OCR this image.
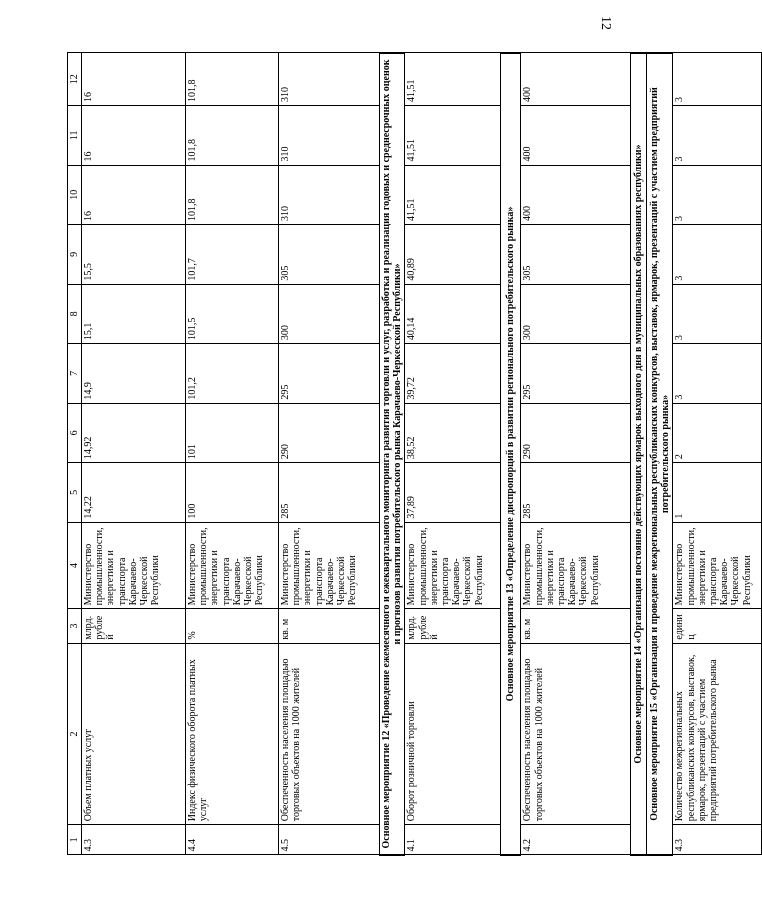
12
1	2	3	4	5	6	7	8	9	10	11	12
4.3	Объем платных услуг	млрд. рублей	Министерство промышленности, энергетики и транспорта Карачаево-Черкесской Республики	14,22	14,92	14,9	15,1	15,5	16	16	16
4.4	Индекс физического оборота платных услуг	%	Министерство промышленности, энергетики и транспорта Карачаево-Черкесской Республики	100	101	101,2	101,5	101,7	101,8	101,8	101,8
4.5	Обеспеченность населения площадью торговых объектов на 1000 жителей	кв. м	Министерство промышленности, энергетики и транспорта Карачаево-Черкесской Республики	285	290	295	300	305	310	310	310
Основное мероприятие 12 «Проведение ежемесячного и ежеквартального мониторинга развития торговли и услуг, разработка и реализация годовых и среднесрочных оценок и прогнозов развития потребительского рынка Карачаево-Черкесской Республики»											
4.1	Оборот розничной торговли	млрд. рублей	Министерство промышленности, энергетики и транспорта Карачаево-Черкесской Республики	37,89	38,52	39,72	40,14	40,89	41,51	41,51	41,51
Основное мероприятие 13 «Определение диспропорций в развитии регионального потребительского рынка»											
4.2	Обеспеченность населения площадью торговых объектов на 1000 жителей	кв. м	Министерство промышленности, энергетики и транспорта Карачаево-Черкесской Республики	285	290	295	300	305	400	400	400
Основное мероприятие 14 «Организация постоянно действующих ярмарок выходного дня в муниципальных образованиях республики»											
Основное мероприятие 15 «Организация и проведение межрегиональных республиканских конкурсов, выставок, ярмарок, презентаций с участием предприятий потребительского рынка»											
4.3	Количество межрегиональных республиканских конкурсов, выставок, ярмарок, презентаций с участием предприятий потребительского рынка	единиц	Министерство промышленности, энергетики и транспорта Карачаево-Черкесской Республики	1	2	3	3	3	3	3	3
